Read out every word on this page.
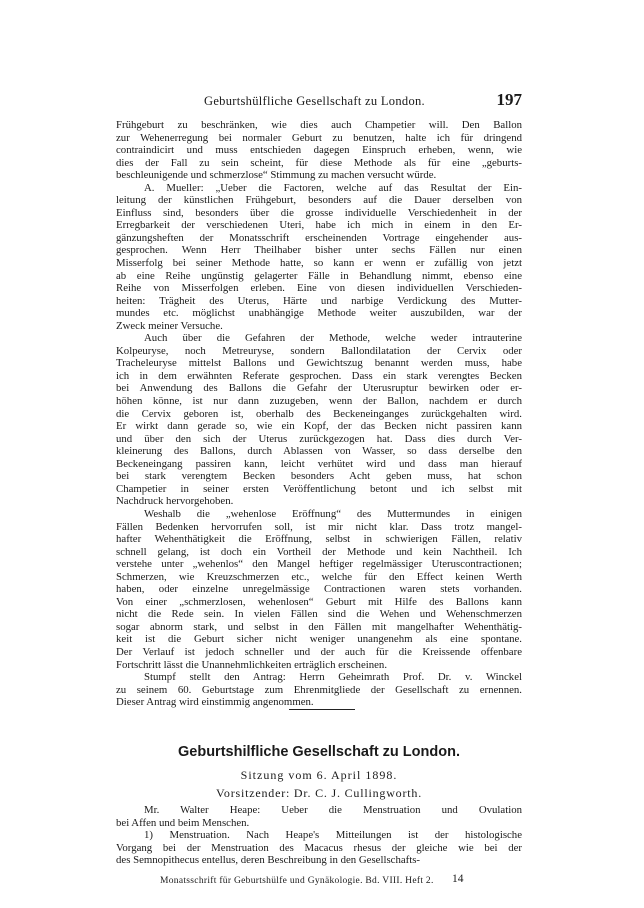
Geburtshülfliche Gesellschaft zu London.	197

Frühgeburt zu beschränken, wie dies auch Champetier will. Den Ballon
zur Wehenerregung bei normaler Geburt zu benutzen, halte ich für dringend
contraindicirt und muss entschieden dagegen Einspruch erheben, wenn, wie
dies der Fall zu sein scheint, für diese Methode als für eine „geburts-
beschleunigende und schmerzlose“ Stimmung zu machen versucht würde.

A. Mueller: „Ueber die Factoren, welche auf das Resultat der Ein-
leitung der künstlichen Frühgeburt, besonders auf die Dauer derselben von
Einfluss sind, besonders über die grosse individuelle Verschiedenheit in der
Erregbarkeit der verschiedenen Uteri, habe ich mich in einem in den Er-
gänzungsheften der Monatsschrift erscheinenden Vortrage eingehender aus-
gesprochen. Wenn Herr Theilhaber bisher unter sechs Fällen nur einen
Misserfolg bei seiner Methode hatte, so kann er wenn er zufällig von jetzt
ab eine Reihe ungünstig gelagerter Fälle in Behandlung nimmt, ebenso eine
Reihe von Misserfolgen erleben. Eine von diesen individuellen Verschieden-
heiten: Trägheit des Uterus, Härte und narbige Verdickung des Mutter-
mundes etc. möglichst unabhängige Methode weiter auszubilden, war der
Zweck meiner Versuche.

Auch über die Gefahren der Methode, welche weder intrauterine
Kolpeuryse, noch Metreuryse, sondern Ballondilatation der Cervix oder
Tracheleuryse mittelst Ballons und Gewichtszug benannt werden muss, habe
ich in dem erwähnten Referate gesprochen. Dass ein stark verengtes Becken
bei Anwendung des Ballons die Gefahr der Uterusruptur bewirken oder er-
höhen könne, ist nur dann zuzugeben, wenn der Ballon, nachdem er durch
die Cervix geboren ist, oberhalb des Beckeneinganges zurückgehalten wird.
Er wirkt dann gerade so, wie ein Kopf, der das Becken nicht passiren kann
und über den sich der Uterus zurückgezogen hat. Dass dies durch Ver-
kleinerung des Ballons, durch Ablassen von Wasser, so dass derselbe den
Beckeneingang passiren kann, leicht verhütet wird und dass man hierauf
bei stark verengtem Becken besonders Acht geben muss, hat schon
Champetier in seiner ersten Veröffentlichung betont und ich selbst mit
Nachdruck hervorgehoben.

Weshalb die „wehenlose Eröffnung“ des Muttermundes in einigen
Fällen Bedenken hervorrufen soll, ist mir nicht klar. Dass trotz mangel-
hafter Wehenthätigkeit die Eröffnung, selbst in schwierigen Fällen, relativ
schnell gelang, ist doch ein Vortheil der Methode und kein Nachtheil. Ich
verstehe unter „wehenlos“ den Mangel heftiger regelmässiger Uteruscontractionen;
Schmerzen, wie Kreuzschmerzen etc., welche für den Effect keinen Werth
haben, oder einzelne unregelmässige Contractionen waren stets vorhanden.
Von einer „schmerzlosen, wehenlosen“ Geburt mit Hilfe des Ballons kann
nicht die Rede sein. In vielen Fällen sind die Wehen und Wehenschmerzen
sogar abnorm stark, und selbst in den Fällen mit mangelhafter Wehenthätig-
keit ist die Geburt sicher nicht weniger unangenehm als eine spontane.
Der Verlauf ist jedoch schneller und der auch für die Kreissende offenbare
Fortschritt lässt die Unannehmlichkeiten erträglich erscheinen.

Stumpf stellt den Antrag: Herrn Geheimrath Prof. Dr. v. Winckel
zu seinem 60. Geburtstage zum Ehrenmitgliede der Gesellschaft zu ernennen.
Dieser Antrag wird einstimmig angenommen.

Geburtshilfliche Gesellschaft zu London.
Sitzung vom 6. April 1898.
Vorsitzender: Dr. C. J. Cullingworth.

Mr. Walter Heape: Ueber die Menstruation und Ovulation
bei Affen und beim Menschen.

1) Menstruation. Nach Heape's Mitteilungen ist der histologische
Vorgang bei der Menstruation des Macacus rhesus der gleiche wie bei der
des Semnopithecus entellus, deren Beschreibung in den Gesellschafts-

Monatsschrift für Geburtshülfe und Gynäkologie. Bd. VIII. Heft 2. 14
